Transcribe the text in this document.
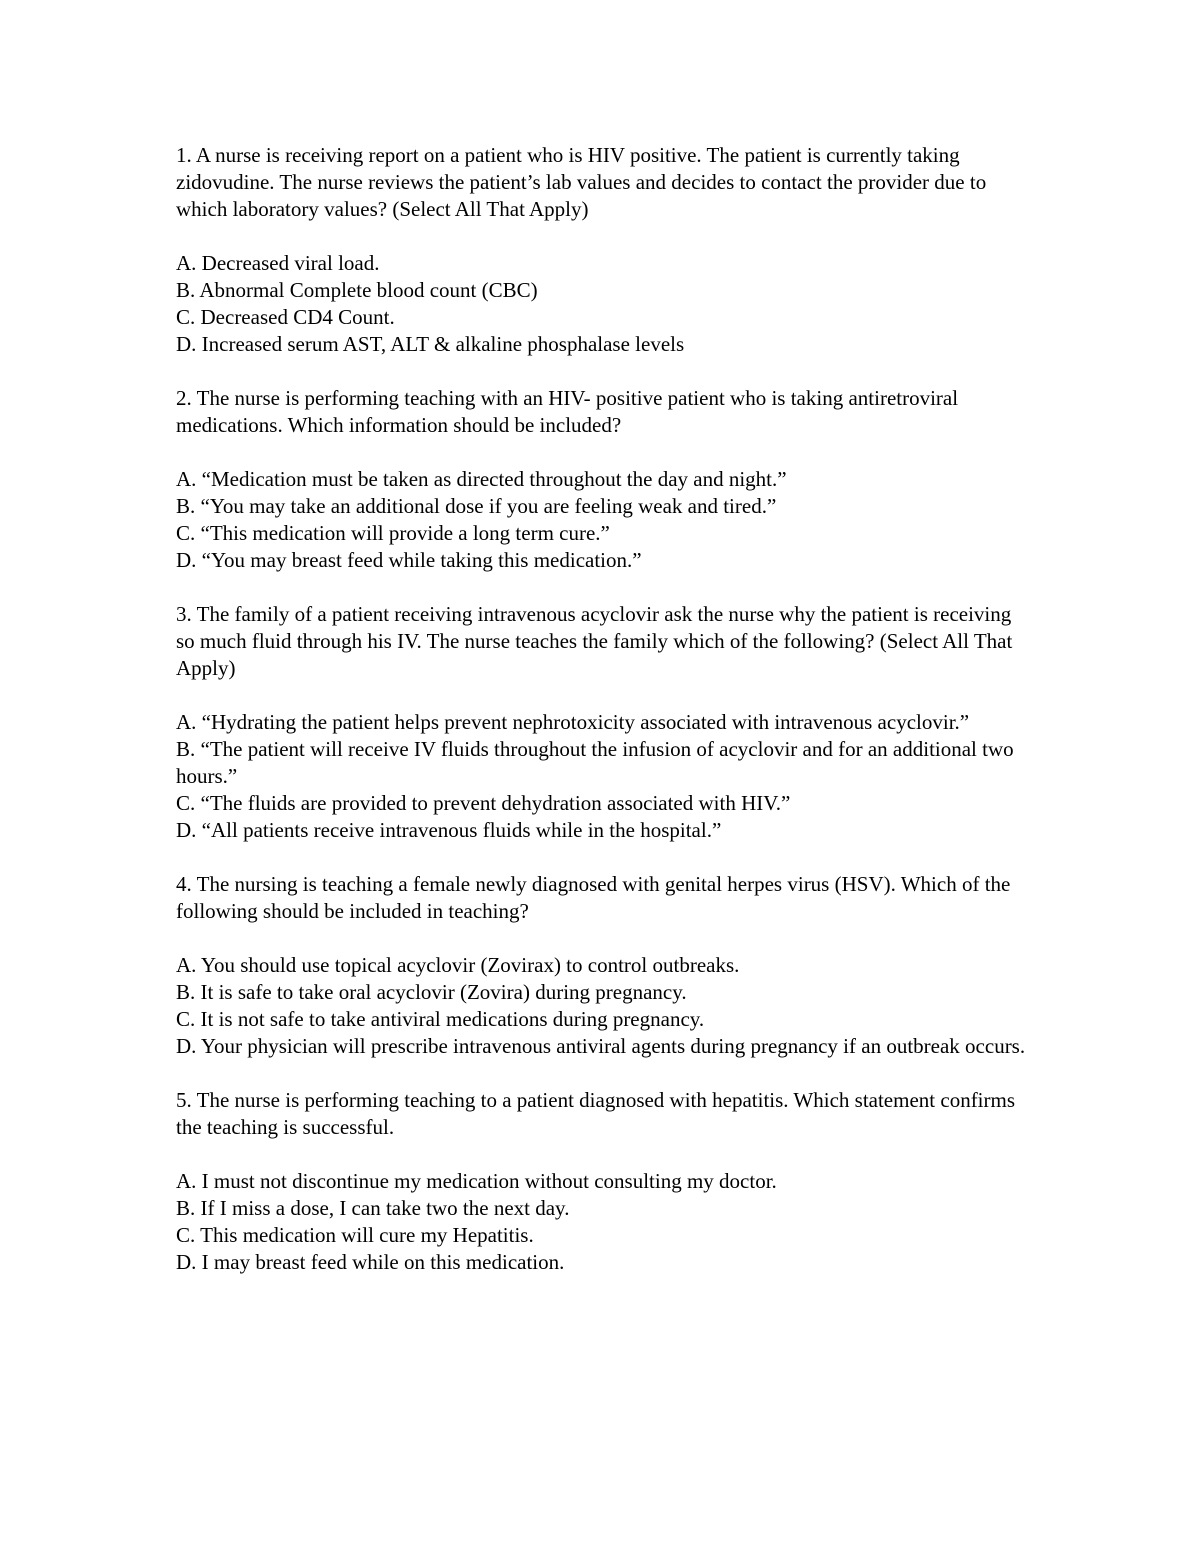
1. A nurse is receiving report on a patient who is HIV positive. The patient is currently taking zidovudine. The nurse reviews the patient’s lab values and decides to contact the provider due to which laboratory values? (Select All That Apply)
A. Decreased viral load.
B. Abnormal Complete blood count (CBC)
C. Decreased CD4 Count.
D. Increased serum AST, ALT & alkaline phosphalase levels
2. The nurse is performing teaching with an HIV- positive patient who is taking antiretroviral medications. Which information should be included?
A. “Medication must be taken as directed throughout the day and night.”
B. “You may take an additional dose if you are feeling weak and tired.”
C. “This medication will provide a long term cure.”
D. “You may breast feed while taking this medication.”
3. The family of a patient receiving intravenous acyclovir ask the nurse why the patient is receiving so much fluid through his IV. The nurse teaches the family which of the following? (Select All That Apply)
A. “Hydrating the patient helps prevent nephrotoxicity associated with intravenous acyclovir.”
B. “The patient will receive IV fluids throughout the infusion of acyclovir and for an additional two hours.”
C. “The fluids are provided to prevent dehydration associated with HIV.”
D. “All patients receive intravenous fluids while in the hospital.”
4. The nursing is teaching a female newly diagnosed with genital herpes virus (HSV). Which of the following should be included in teaching?
A. You should use topical acyclovir (Zovirax) to control outbreaks.
B. It is safe to take oral acyclovir (Zovira) during pregnancy.
C. It is not safe to take antiviral medications during pregnancy.
D. Your physician will prescribe intravenous antiviral agents during pregnancy if an outbreak occurs.
5. The nurse is performing teaching to a patient diagnosed with hepatitis. Which statement confirms the teaching is successful.
A. I must not discontinue my medication without consulting my doctor.
B. If I miss a dose, I can take two the next day.
C. This medication will cure my Hepatitis.
D. I may breast feed while on this medication.
